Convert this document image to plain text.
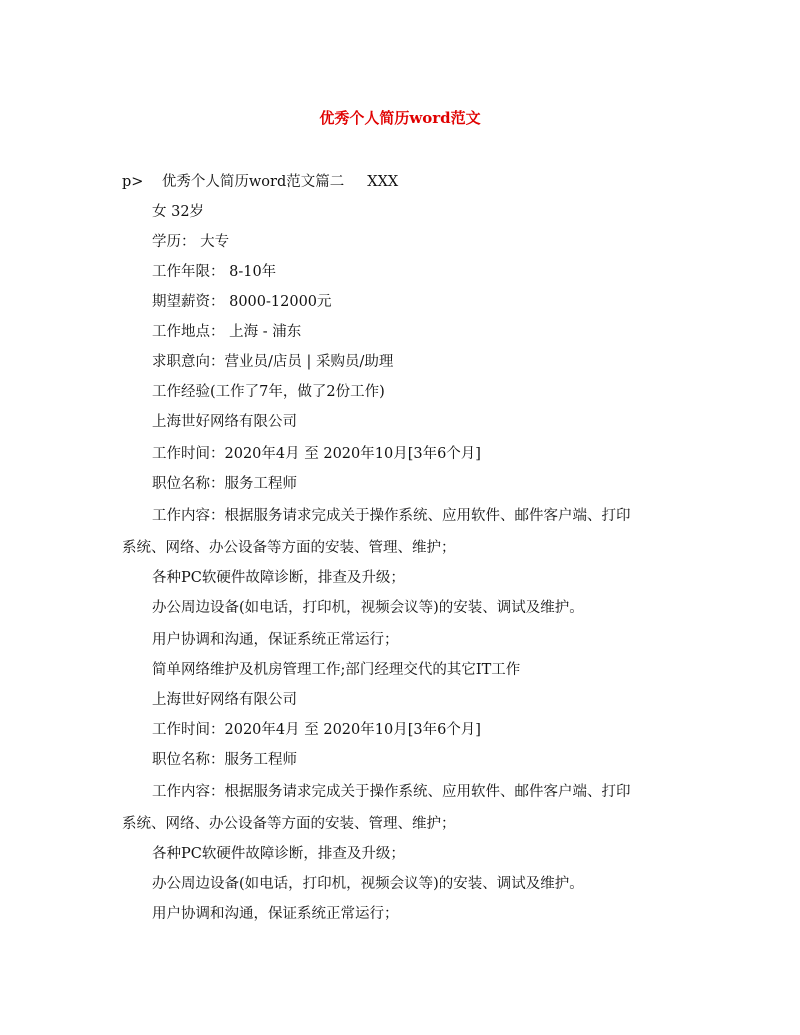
优秀个人简历word范文
p>    优秀个人简历word范文篇二     XXX
女 32岁
学历： 大专
工作年限： 8-10年
期望薪资： 8000-12000元
工作地点： 上海 - 浦东
求职意向：营业员/店员 | 采购员/助理
工作经验(工作了7年，做了2份工作)
上海世好网络有限公司
工作时间：2020年4月 至 2020年10月[3年6个月]
职位名称：服务工程师
工作内容：根据服务请求完成关于操作系统、应用软件、邮件客户端、打印
系统、网络、办公设备等方面的安装、管理、维护；
各种PC软硬件故障诊断，排查及升级；
办公周边设备(如电话，打印机，视频会议等)的安装、调试及维护。
用户协调和沟通，保证系统正常运行；
简单网络维护及机房管理工作;部门经理交代的其它IT工作
上海世好网络有限公司
工作时间：2020年4月 至 2020年10月[3年6个月]
职位名称：服务工程师
工作内容：根据服务请求完成关于操作系统、应用软件、邮件客户端、打印
系统、网络、办公设备等方面的安装、管理、维护；
各种PC软硬件故障诊断，排查及升级；
办公周边设备(如电话，打印机，视频会议等)的安装、调试及维护。
用户协调和沟通，保证系统正常运行；
